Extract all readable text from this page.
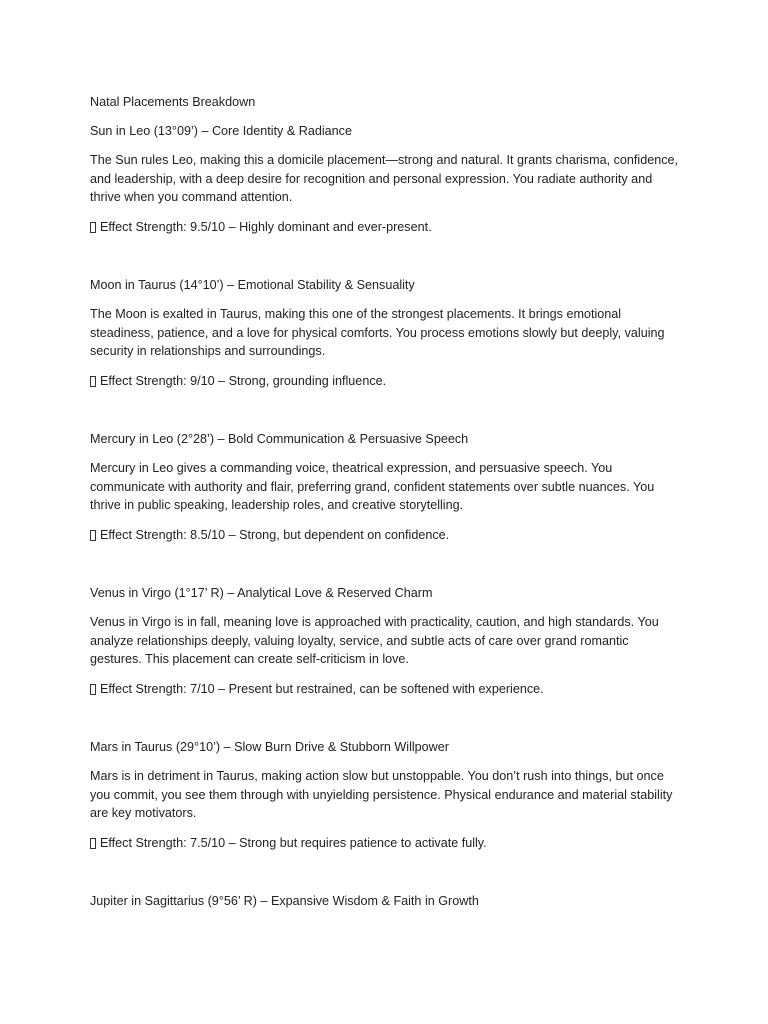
Natal Placements Breakdown
Sun in Leo (13°09’) – Core Identity & Radiance
The Sun rules Leo, making this a domicile placement—strong and natural. It grants charisma, confidence, and leadership, with a deep desire for recognition and personal expression. You radiate authority and thrive when you command attention.
Effect Strength: 9.5/10 – Highly dominant and ever-present.
Moon in Taurus (14°10’) – Emotional Stability & Sensuality
The Moon is exalted in Taurus, making this one of the strongest placements. It brings emotional steadiness, patience, and a love for physical comforts. You process emotions slowly but deeply, valuing security in relationships and surroundings.
Effect Strength: 9/10 – Strong, grounding influence.
Mercury in Leo (2°28’) – Bold Communication & Persuasive Speech
Mercury in Leo gives a commanding voice, theatrical expression, and persuasive speech. You communicate with authority and flair, preferring grand, confident statements over subtle nuances. You thrive in public speaking, leadership roles, and creative storytelling.
Effect Strength: 8.5/10 – Strong, but dependent on confidence.
Venus in Virgo (1°17’ R) – Analytical Love & Reserved Charm
Venus in Virgo is in fall, meaning love is approached with practicality, caution, and high standards. You analyze relationships deeply, valuing loyalty, service, and subtle acts of care over grand romantic gestures. This placement can create self-criticism in love.
Effect Strength: 7/10 – Present but restrained, can be softened with experience.
Mars in Taurus (29°10’) – Slow Burn Drive & Stubborn Willpower
Mars is in detriment in Taurus, making action slow but unstoppable. You don’t rush into things, but once you commit, you see them through with unyielding persistence. Physical endurance and material stability are key motivators.
Effect Strength: 7.5/10 – Strong but requires patience to activate fully.
Jupiter in Sagittarius (9°56’ R) – Expansive Wisdom & Faith in Growth
